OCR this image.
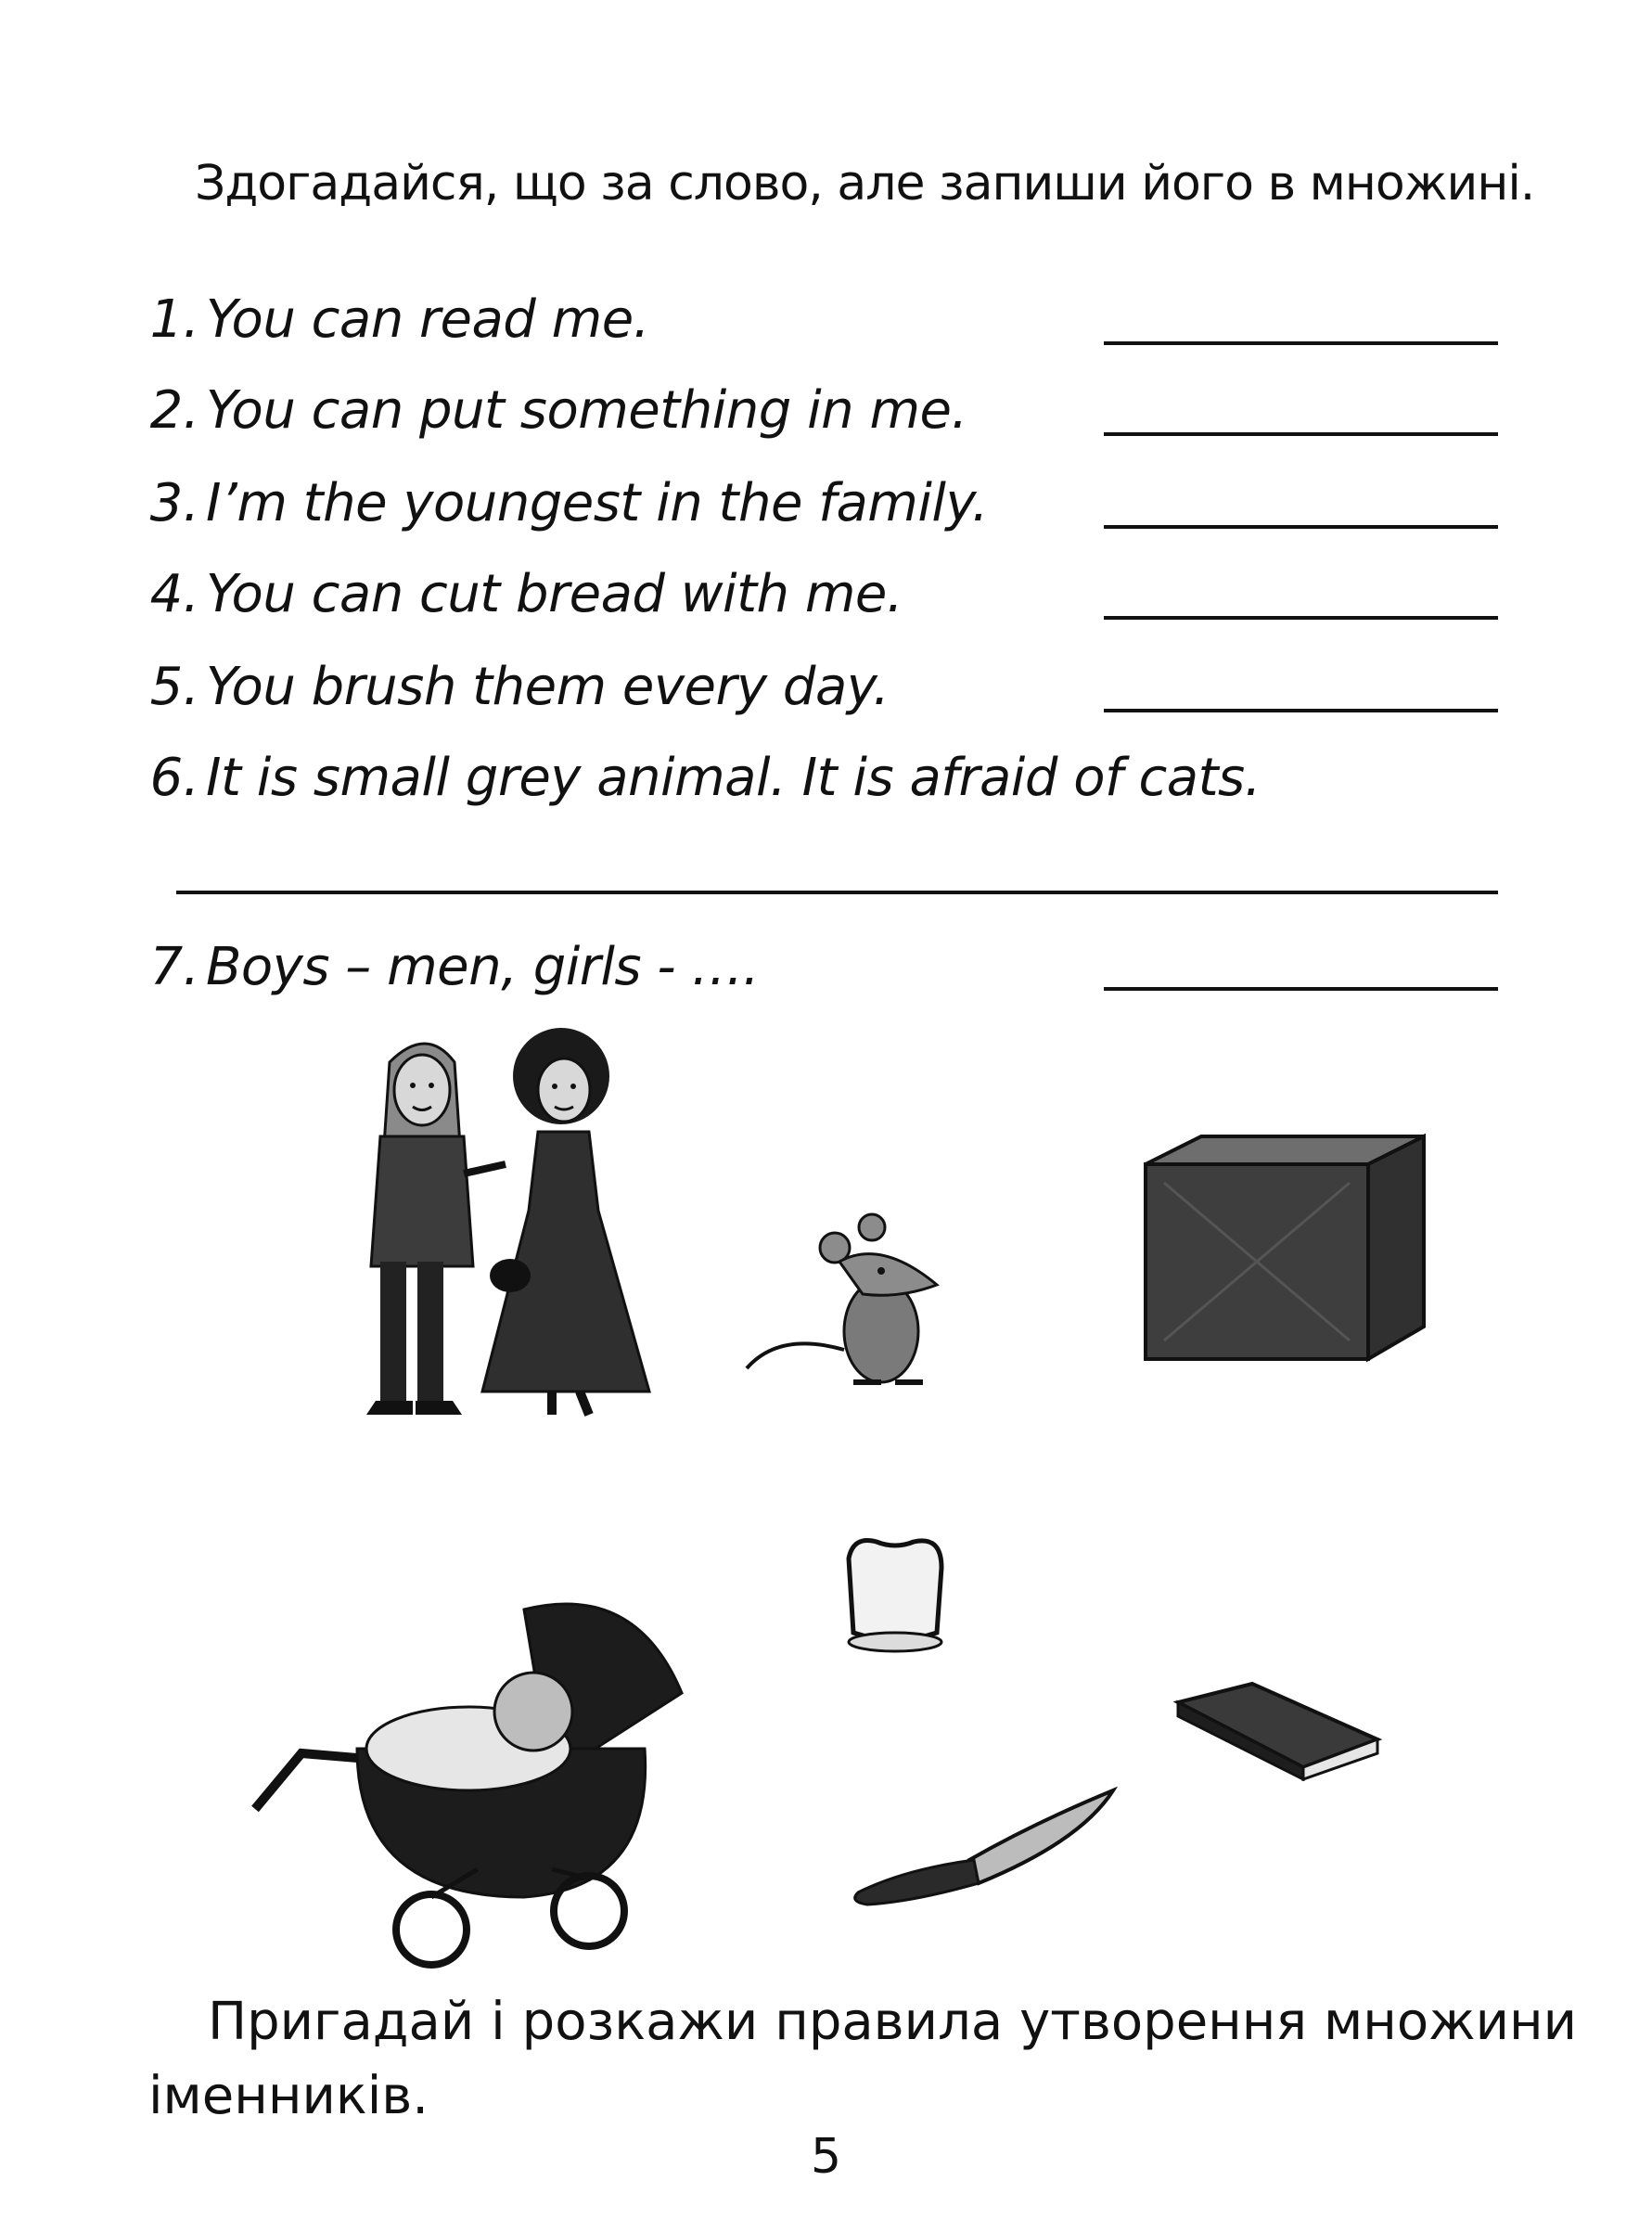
Здогадайся, що за слово, але запиши його в множині.
1. You can read me.
2. You can put something in me.
3. I’m the youngest in the family.
4. You can cut bread with me.
5. You brush them every day.
6. It is small grey animal. It is afraid of cats.
7. Boys – men, girls - ….
Пригадай і розкажи правила утворення множини іменників.
5
